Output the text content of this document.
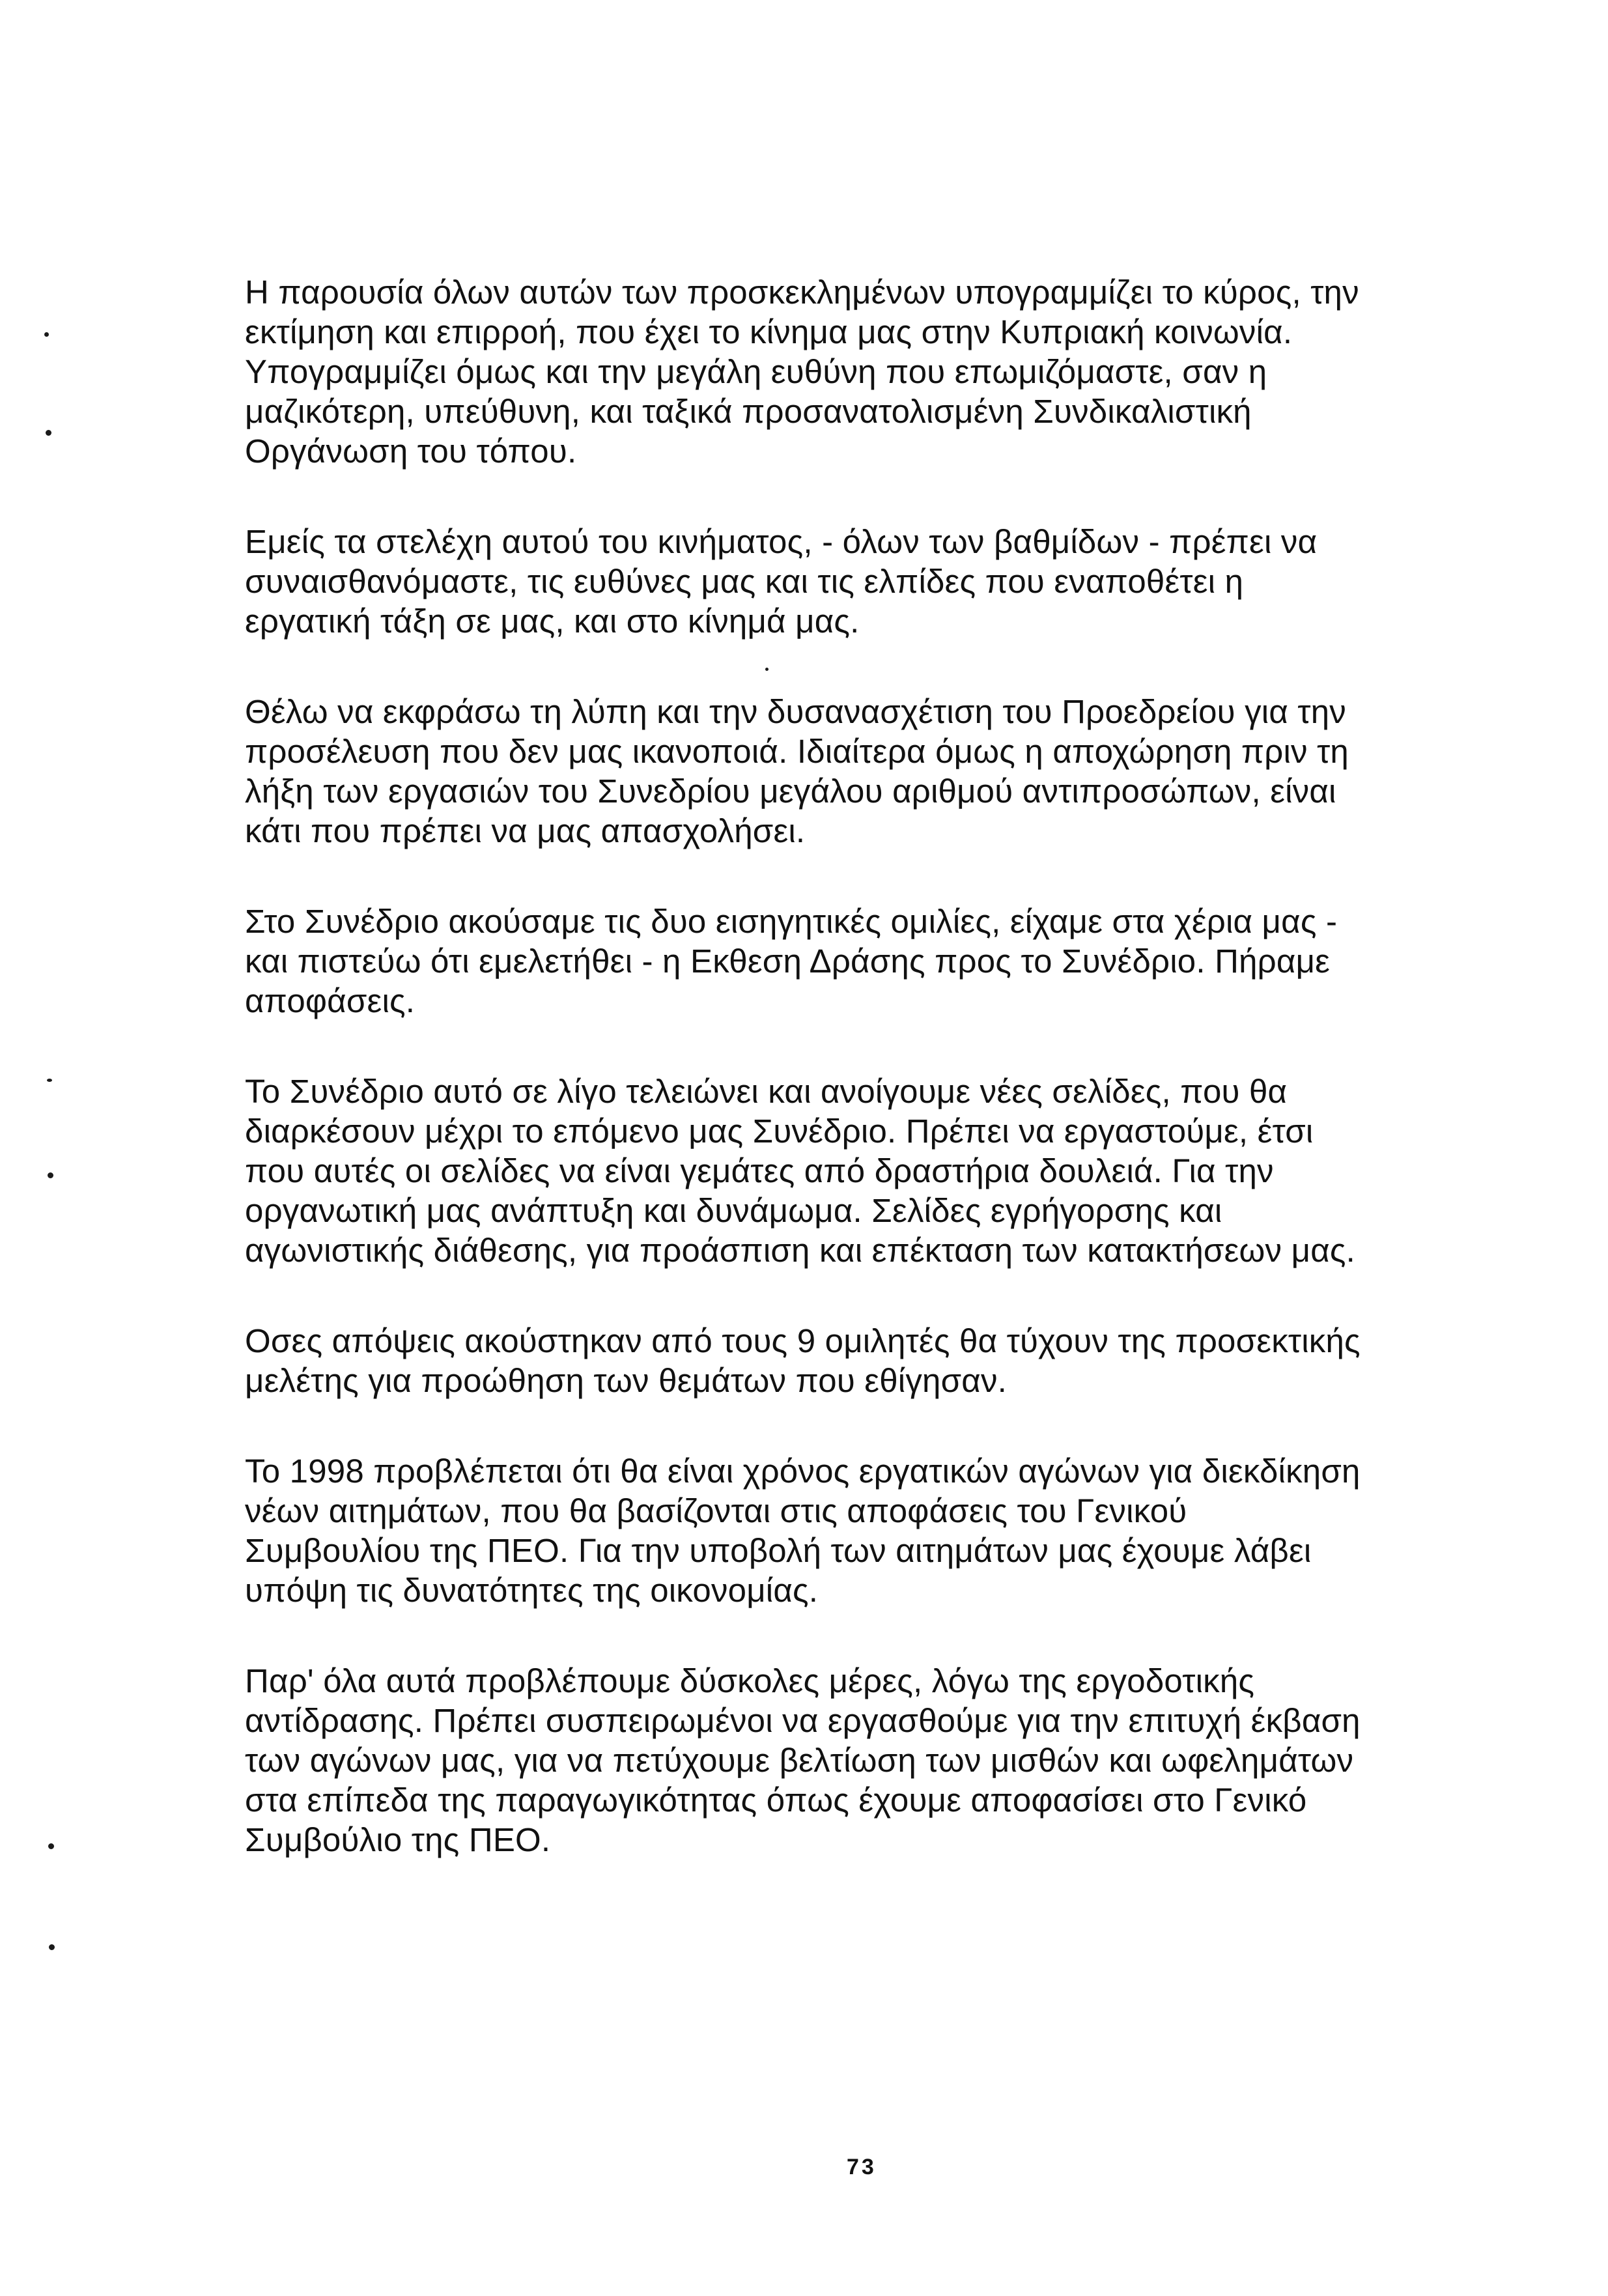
Η παρουσία όλων αυτών των προσκεκλημένων υπογραμμίζει το κύρος, την
εκτίμηση και επιρροή, που έχει το κίνημα μας στην Κυπριακή κοινωνία.
Υπογραμμίζει όμως και την μεγάλη ευθύνη που επωμιζόμαστε, σαν η
μαζικότερη, υπεύθυνη, και ταξικά προσανατολισμένη Συνδικαλιστική
Οργάνωση του τόπου.
Εμείς τα στελέχη αυτού του κινήματος, - όλων των βαθμίδων - πρέπει να
συναισθανόμαστε, τις ευθύνες μας και τις ελπίδες που εναποθέτει η
εργατική τάξη σε μας, και στο κίνημά μας.
Θέλω να εκφράσω τη λύπη και την δυσανασχέτιση του Προεδρείου για την
προσέλευση που δεν μας ικανοποιά. Ιδιαίτερα όμως η αποχώρηση πριν τη
λήξη των εργασιών του Συνεδρίου μεγάλου αριθμού αντιπροσώπων, είναι
κάτι που πρέπει να μας απασχολήσει.
Στο Συνέδριο ακούσαμε τις δυο εισηγητικές ομιλίες, είχαμε στα χέρια μας -
και πιστεύω ότι εμελετήθει - η Εκθεση Δράσης προς το Συνέδριο. Πήραμε
αποφάσεις.
Το Συνέδριο αυτό σε λίγο τελειώνει και ανοίγουμε νέες σελίδες, που θα
διαρκέσουν μέχρι το επόμενο μας Συνέδριο. Πρέπει να εργαστούμε, έτσι
που αυτές οι σελίδες να είναι γεμάτες από δραστήρια δουλειά. Για την
οργανωτική μας ανάπτυξη και δυνάμωμα. Σελίδες εγρήγορσης και
αγωνιστικής διάθεσης, για προάσπιση και επέκταση των κατακτήσεων μας.
Οσες απόψεις ακούστηκαν από τους 9 ομιλητές θα τύχουν της προσεκτικής
μελέτης για προώθηση των θεμάτων που εθίγησαν.
Το 1998 προβλέπεται ότι θα είναι χρόνος εργατικών αγώνων για διεκδίκηση
νέων αιτημάτων, που θα βασίζονται στις αποφάσεις του Γενικού
Συμβουλίου της ΠΕΟ. Για την υποβολή των αιτημάτων μας έχουμε λάβει
υπόψη τις δυνατότητες της οικονομίας.
Παρ' όλα αυτά προβλέπουμε δύσκολες μέρες, λόγω της εργοδοτικής
αντίδρασης. Πρέπει συσπειρωμένοι να εργασθούμε για την επιτυχή έκβαση
των αγώνων μας, για να πετύχουμε βελτίωση των μισθών και ωφελημάτων
στα επίπεδα της παραγωγικότητας όπως έχουμε αποφασίσει στο Γενικό
Συμβούλιο της ΠΕΟ.
73
